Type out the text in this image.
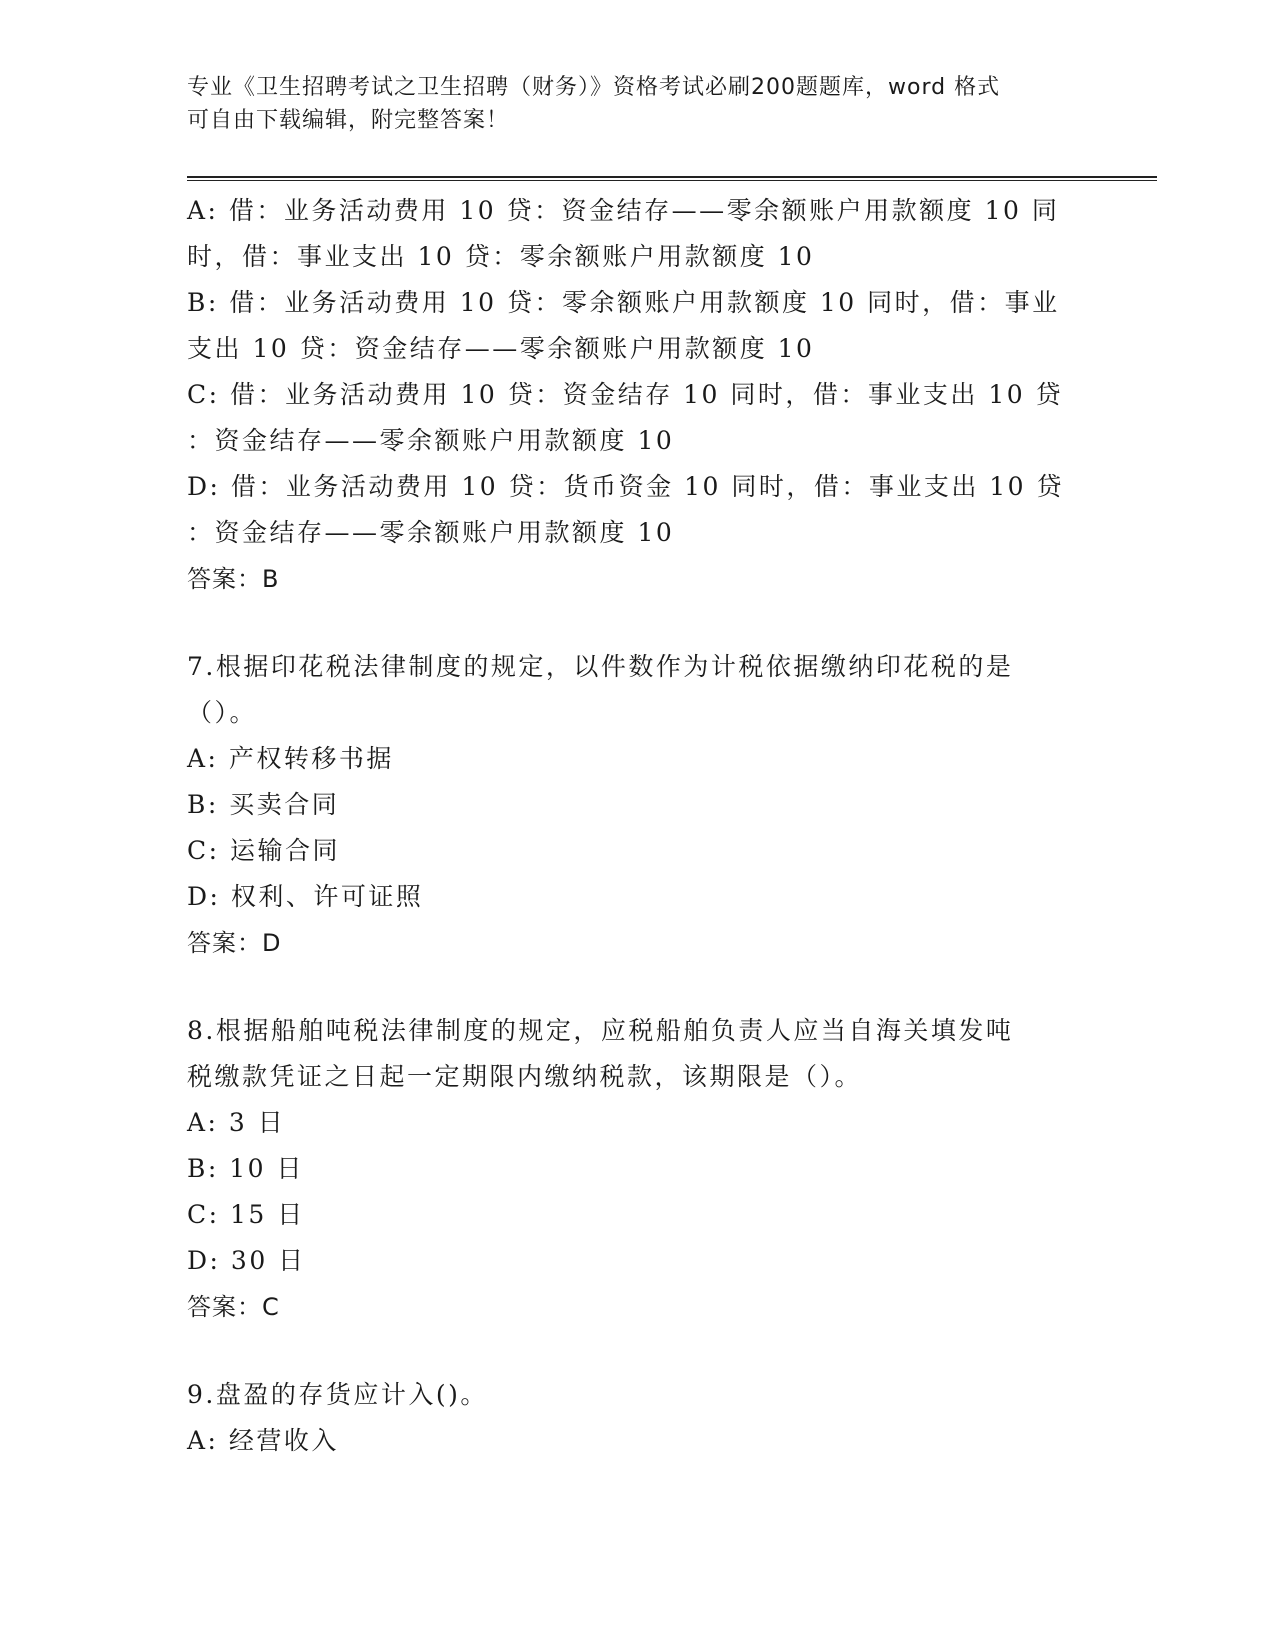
专业《卫生招聘考试之卫生招聘（财务）》资格考试必刷200题题库，word 格式
可自由下载编辑，附完整答案！

A: 借：业务活动费用 10 贷：资金结存——零余额账户用款额度 10 同

时，借：事业支出 10 贷：零余额账户用款额度 10

B: 借：业务活动费用 10 贷：零余额账户用款额度 10 同时，借：事业

支出 10 贷：资金结存——零余额账户用款额度 10

C: 借：业务活动费用 10 贷：资金结存 10 同时，借：事业支出 10 贷

：资金结存——零余额账户用款额度 10

D: 借：业务活动费用 10 贷：货币资金 10 同时，借：事业支出 10 贷

：资金结存——零余额账户用款额度 10

答案：B

7.根据印花税法律制度的规定，以件数作为计税依据缴纳印花税的是

（）。

A: 产权转移书据

B: 买卖合同

C: 运输合同

D: 权利、许可证照

答案：D

8.根据船舶吨税法律制度的规定，应税船舶负责人应当自海关填发吨

税缴款凭证之日起一定期限内缴纳税款，该期限是（）。

A: 3 日

B: 10 日

C: 15 日

D: 30 日

答案：C

9.盘盈的存货应计入()。

A: 经营收入
